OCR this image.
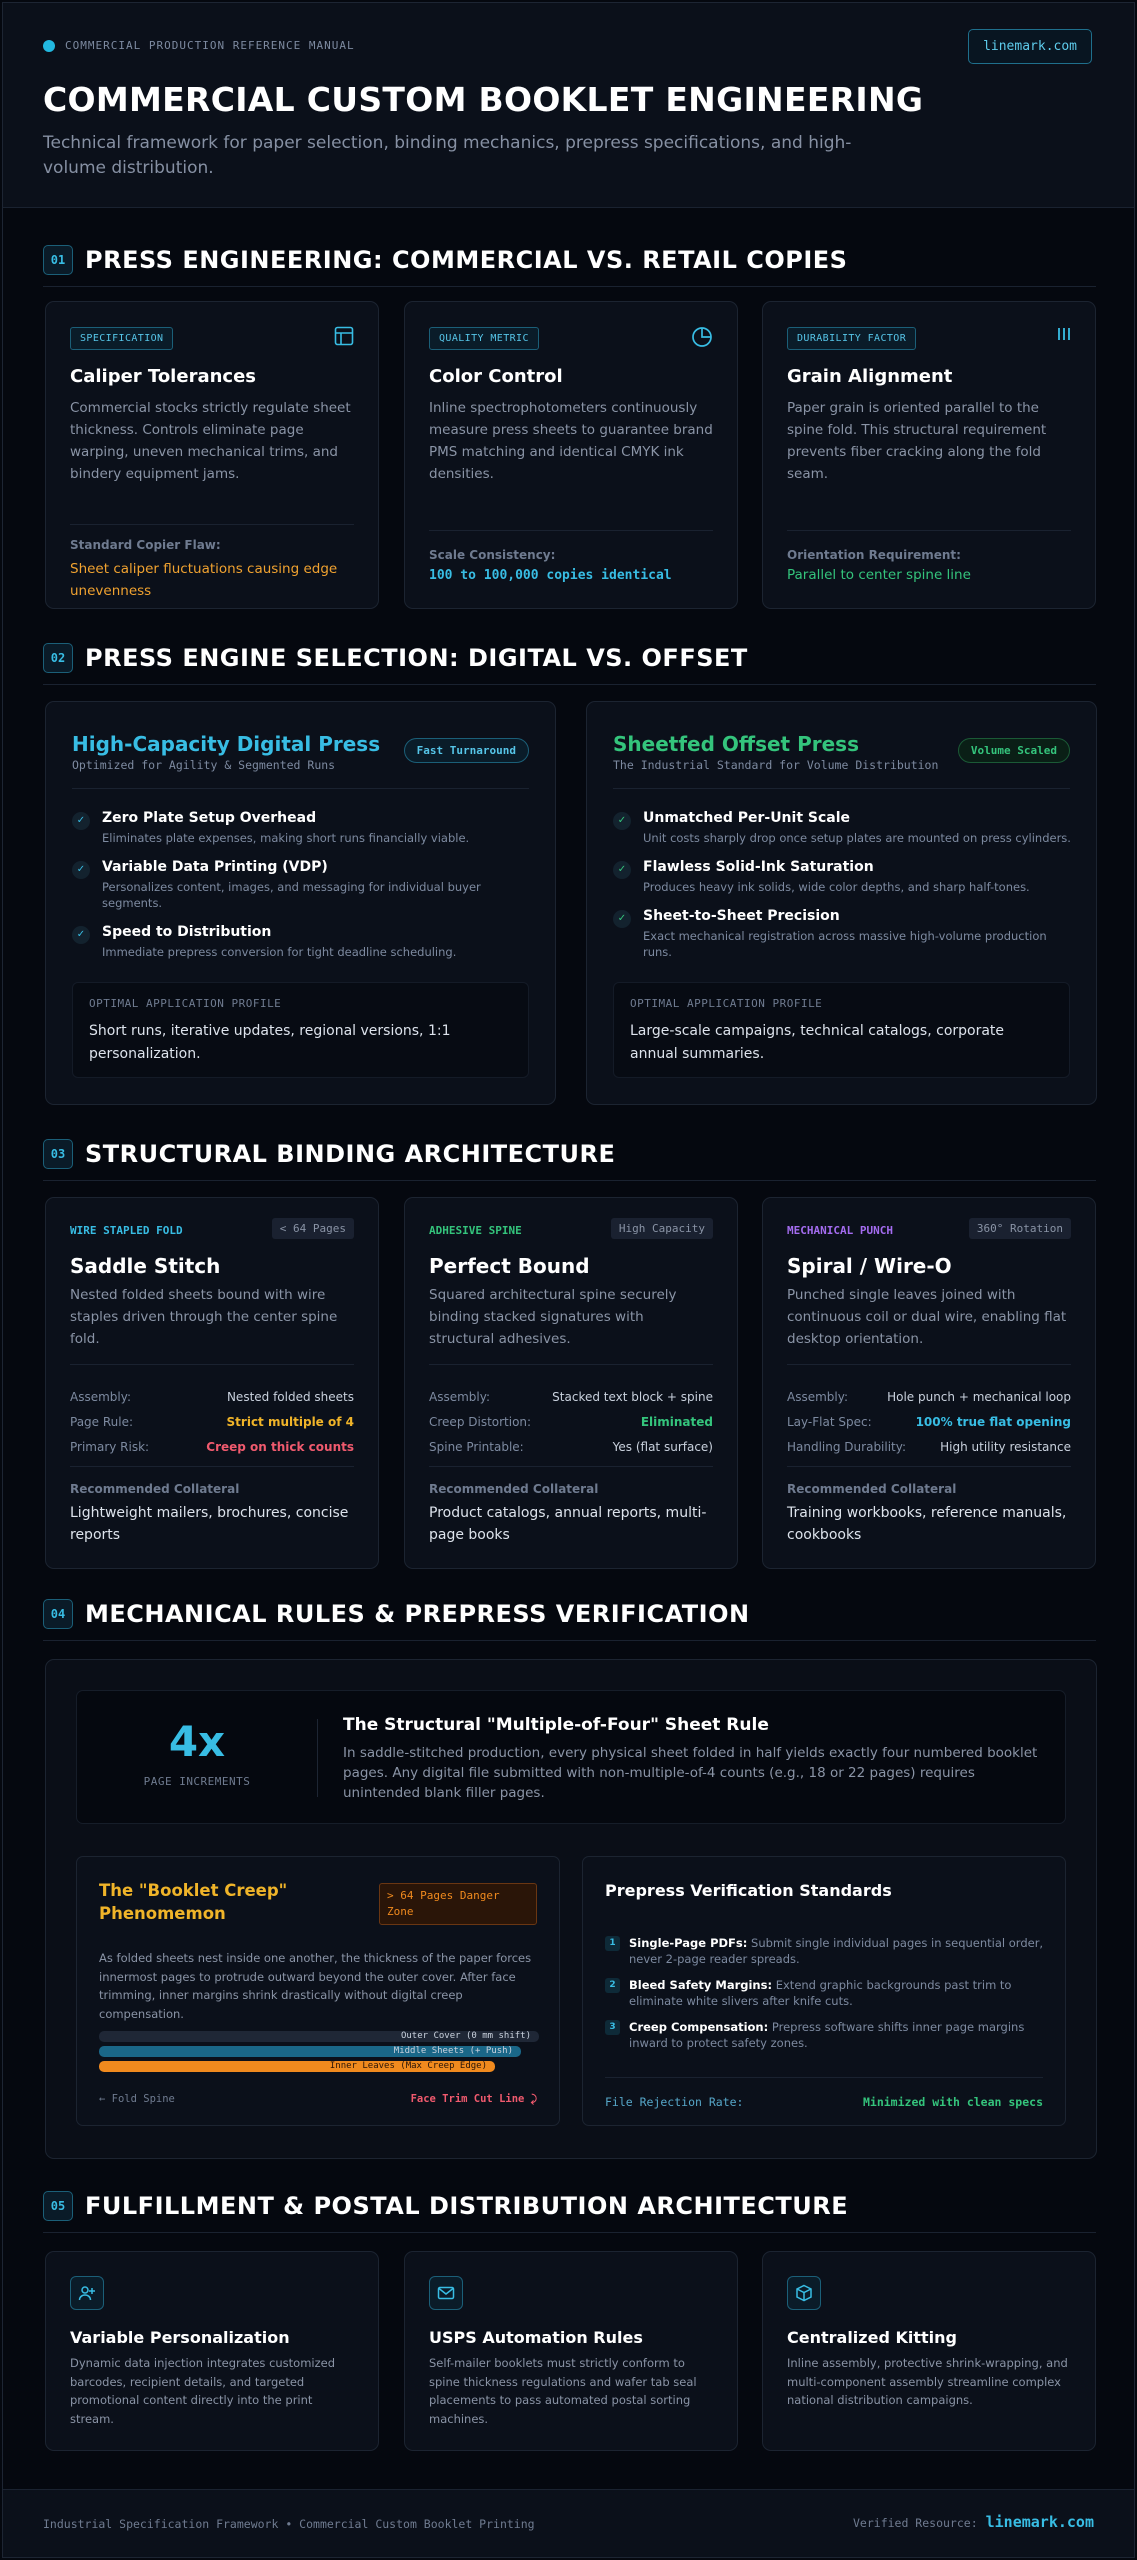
COMMERCIAL PRODUCTION REFERENCE MANUAL	linemark.com
COMMERCIAL CUSTOM BOOKLET ENGINEERING

Technical framework for paper selection, binding mechanics, prepress specifications, and high-volume distribution.

01 PRESS ENGINEERING: COMMERCIAL VS. RETAIL COPIES
SPECIFICATION
Caliper Tolerances
Commercial stocks strictly regulate sheet thickness. Controls eliminate page warping, uneven mechanical trims, and bindery equipment jams.
Standard Copier Flaw:
Sheet caliper fluctuations causing edge unevenness
QUALITY METRIC
Color Control
Inline spectrophotometers continuously measure press sheets to guarantee brand PMS matching and identical CMYK ink densities.
Scale Consistency:
100 to 100,000 copies identical
DURABILITY FACTOR
Grain Alignment
Paper grain is oriented parallel to the spine fold. This structural requirement prevents fiber cracking along the fold seam.
Orientation Requirement:
Parallel to center spine line
02 PRESS ENGINE SELECTION: DIGITAL VS. OFFSET
High-Capacity Digital Press
Optimized for Agility & Segmented Runs
Fast Turnaround
✓	Zero Plate Setup Overhead
Eliminates plate expenses, making short runs financially viable.
✓	Variable Data Printing (VDP)
Personalizes content, images, and messaging for individual buyer segments.
✓	Speed to Distribution
Immediate prepress conversion for tight deadline scheduling.
OPTIMAL APPLICATION PROFILE
Short runs, iterative updates, regional versions, 1:1 personalization.
Sheetfed Offset Press
The Industrial Standard for Volume Distribution
Volume Scaled
✓	Unmatched Per-Unit Scale
Unit costs sharply drop once setup plates are mounted on press cylinders.
✓	Flawless Solid-Ink Saturation
Produces heavy ink solids, wide color depths, and sharp half-tones.
✓	Sheet-to-Sheet Precision
Exact mechanical registration across massive high-volume production runs.
OPTIMAL APPLICATION PROFILE
Large-scale campaigns, technical catalogs, corporate annual summaries.
03 STRUCTURAL BINDING ARCHITECTURE
WIRE STAPLED FOLD	< 64 Pages
Saddle Stitch
Nested folded sheets bound with wire staples driven through the center spine fold.
Assembly:	Nested folded sheets
Page Rule:	Strict multiple of 4
Primary Risk:	Creep on thick counts
Recommended Collateral
Lightweight mailers, brochures, concise reports
ADHESIVE SPINE	High Capacity
Perfect Bound
Squared architectural spine securely binding stacked signatures with structural adhesives.
Assembly:	Stacked text block + spine
Creep Distortion:	Eliminated
Spine Printable:	Yes (flat surface)
Recommended Collateral
Product catalogs, annual reports, multi-page books
MECHANICAL PUNCH	360° Rotation
Spiral / Wire-O
Punched single leaves joined with continuous coil or dual wire, enabling flat desktop orientation.
Assembly:	Hole punch + mechanical loop
Lay-Flat Spec:	100% true flat opening
Handling Durability:	High utility resistance
Recommended Collateral
Training workbooks, reference manuals, cookbooks
04 MECHANICAL RULES & PREPRESS VERIFICATION
4x
PAGE INCREMENTS
The Structural "Multiple-of-Four" Sheet Rule
In saddle-stitched production, every physical sheet folded in half yields exactly four numbered booklet pages. Any digital file submitted with non-multiple-of-4 counts (e.g., 18 or 22 pages) requires unintended blank filler pages.
The "Booklet Creep" Phenomemon
> 64 Pages Danger Zone
As folded sheets nest inside one another, the thickness of the paper forces innermost pages to protrude outward beyond the outer cover. After face trimming, inner margins shrink drastically without digital creep compensation.
Outer Cover (0 mm shift)
Middle Sheets (+ Push)
Inner Leaves (Max Creep Edge)
← Fold Spine	Face Trim Cut Line ⤸
Prepress Verification Standards
1	Single-Page PDFs: Submit single individual pages in sequential order, never 2-page reader spreads.
2	Bleed Safety Margins: Extend graphic backgrounds past trim to eliminate white slivers after knife cuts.
3	Creep Compensation: Prepress software shifts inner page margins inward to protect safety zones.
File Rejection Rate:	Minimized with clean specs
05 FULFILLMENT & POSTAL DISTRIBUTION ARCHITECTURE
Variable Personalization
Dynamic data injection integrates customized barcodes, recipient details, and targeted promotional content directly into the print stream.
USPS Automation Rules
Self-mailer booklets must strictly conform to spine thickness regulations and wafer tab seal placements to pass automated postal sorting machines.
Centralized Kitting
Inline assembly, protective shrink-wrapping, and multi-component assembly streamline complex national distribution campaigns.
Industrial Specification Framework • Commercial Custom Booklet Printing	Verified Resource: linemark.com
